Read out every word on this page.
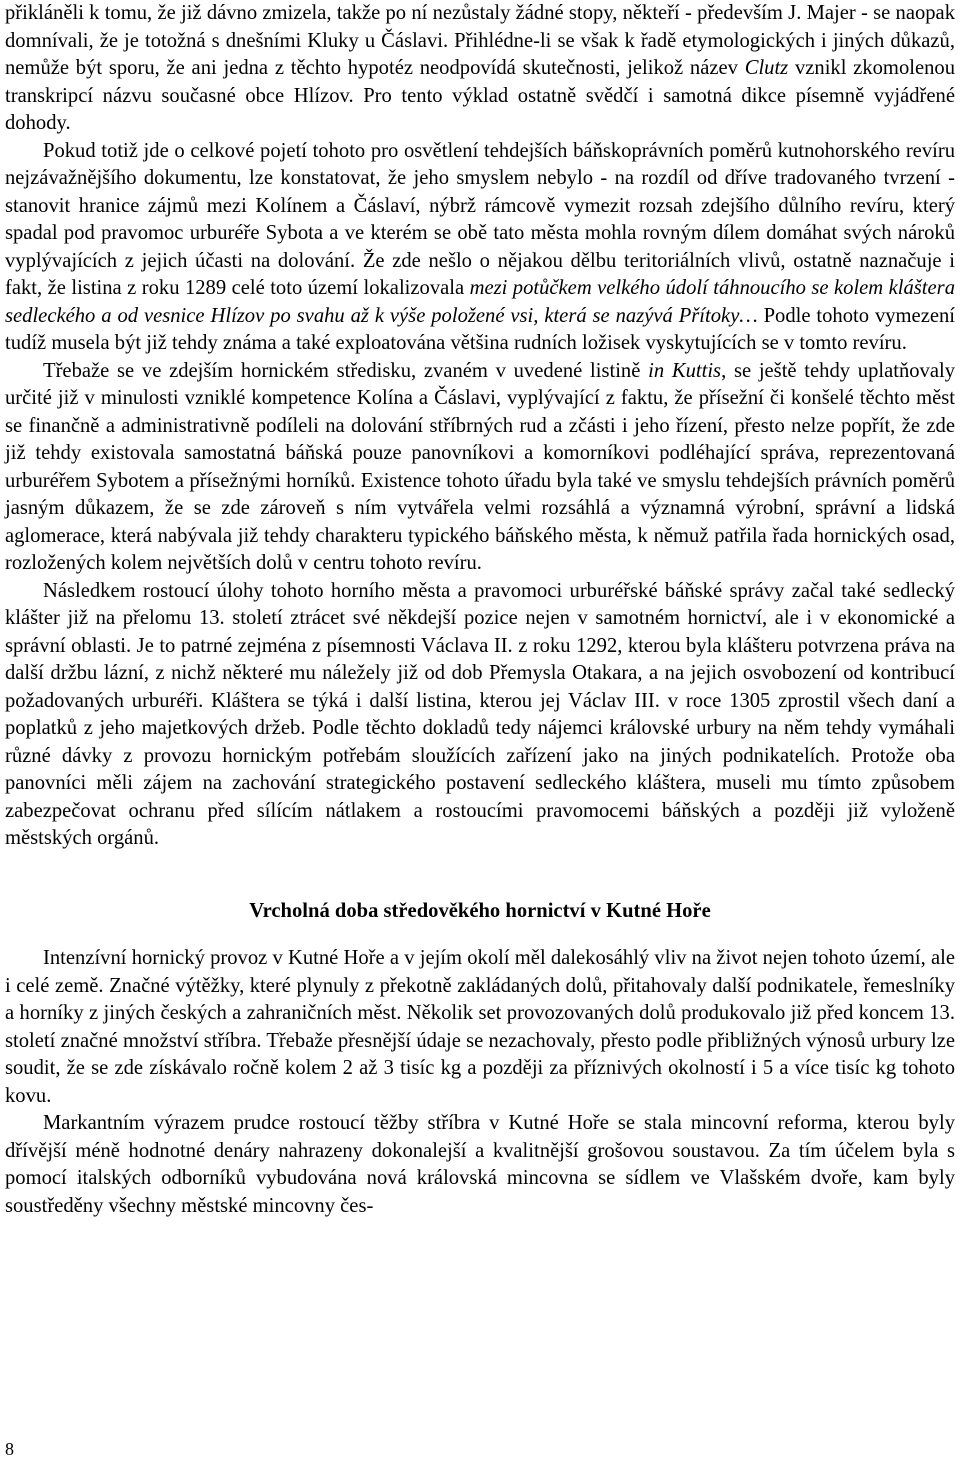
přikláněli k tomu, že již dávno zmizela, takže po ní nezůstaly žádné stopy, někteří - především J. Majer - se naopak domnívali, že je totožná s dnešními Kluky u Čáslavi. Přihlédne-li se však k řadě etymologických i jiných důkazů, nemůže být sporu, že ani jedna z těchto hypotéz neodpovídá skutečnosti, jelikož název Clutz vznikl zkomolenou transkripcí názvu současné obce Hlízov. Pro tento výklad ostatně svědčí i samotná dikce písemně vyjádřené dohody.

Pokud totiž jde o celkové pojetí tohoto pro osvětlení tehdejších báňskoprávních poměrů kutnohorského revíru nejzávažnějšího dokumentu, lze konstatovat, že jeho smyslem nebylo - na rozdíl od dříve tradovaného tvrzení - stanovit hranice zájmů mezi Kolínem a Čáslaví, nýbrž rámcově vymezit rozsah zdejšího důlního revíru, který spadal pod pravomoc urburéře Sybota a ve kterém se obě tato města mohla rovným dílem domáhat svých nároků vyplývajících z jejich účasti na dolování. Že zde nešlo o nějakou dělbu teritoriálních vlivů, ostatně naznačuje i fakt, že listina z roku 1289 celé toto území lokalizovala mezi potůčkem velkého údolí táhnoucího se kolem kláštera sedleckého a od vesnice Hlízov po svahu až k výše položené vsi, která se nazývá Přítoky… Podle tohoto vymezení tudíž musela být již tehdy známa a také exploatována většina rudních ložisek vyskytujících se v tomto revíru.

Třebaže se ve zdejším hornickém středisku, zvaném v uvedené listině in Kuttis, se ještě tehdy uplatňovaly určité již v minulosti vzniklé kompetence Kolína a Čáslavi, vyplývající z faktu, že přísežní či konšelé těchto měst se finančně a administrativně podíleli na dolování stříbrných rud a zčásti i jeho řízení, přesto nelze popřít, že zde již tehdy existovala samostatná báňská pouze panovníkovi a komorníkovi podléhající správa, reprezentovaná urburéřem Sybotem a přísežnými horníků. Existence tohoto úřadu byla také ve smyslu tehdejších právních poměrů jasným důkazem, že se zde zároveň s ním vytvářela velmi rozsáhlá a významná výrobní, správní a lidská aglomerace, která nabývala již tehdy charakteru typického báňského města, k němuž patřila řada hornických osad, rozložených kolem největších dolů v centru tohoto revíru.

Následkem rostoucí úlohy tohoto horního města a pravomoci urburéřské báňské správy začal také sedlecký klášter již na přelomu 13. století ztrácet své někdejší pozice nejen v samotném hornictví, ale i v ekonomické a správní oblasti. Je to patrné zejména z písemnosti Václava II. z roku 1292, kterou byla klášteru potvrzena práva na další držbu lázní, z nichž některé mu náležely již od dob Přemysla Otakara, a na jejich osvobození od kontribucí požadovaných urburéři. Kláštera se týká i další listina, kterou jej Václav III. v roce 1305 zprostil všech daní a poplatků z jeho majetkových držeb. Podle těchto dokladů tedy nájemci královské urbury na něm tehdy vymáhali různé dávky z provozu hornickým potřebám sloužících zařízení jako na jiných podnikatelích. Protože oba panovníci měli zájem na zachování strategického postavení sedleckého kláštera, museli mu tímto způsobem zabezpečovat ochranu před sílícím nátlakem a rostoucími pravomocemi báňských a později již vyloženě městských orgánů.

Vrcholná doba středověkého hornictví v Kutné Hoře

Intenzívní hornický provoz v Kutné Hoře a v jejím okolí měl dalekosáhlý vliv na život nejen tohoto území, ale i celé země. Značné výtěžky, které plynuly z překotně zakládaných dolů, přitahovaly další podnikatele, řemeslníky a horníky z jiných českých a zahraničních měst. Několik set provozovaných dolů produkovalo již před koncem 13. století značné množství stříbra. Třebaže přesnější údaje se nezachovaly, přesto podle přibližných výnosů urbury lze soudit, že se zde získávalo ročně kolem 2 až 3 tisíc kg a později za příznivých okolností i 5 a více tisíc kg tohoto kovu.

Markantním výrazem prudce rostoucí těžby stříbra v Kutné Hoře se stala mincovní reforma, kterou byly dřívější méně hodnotné denáry nahrazeny dokonalejší a kvalitnější grošovou soustavou. Za tím účelem byla s pomocí italských odborníků vybudována nová královská mincovna se sídlem ve Vlašském dvoře, kam byly soustředěny všechny městské mincovny čes-

8
